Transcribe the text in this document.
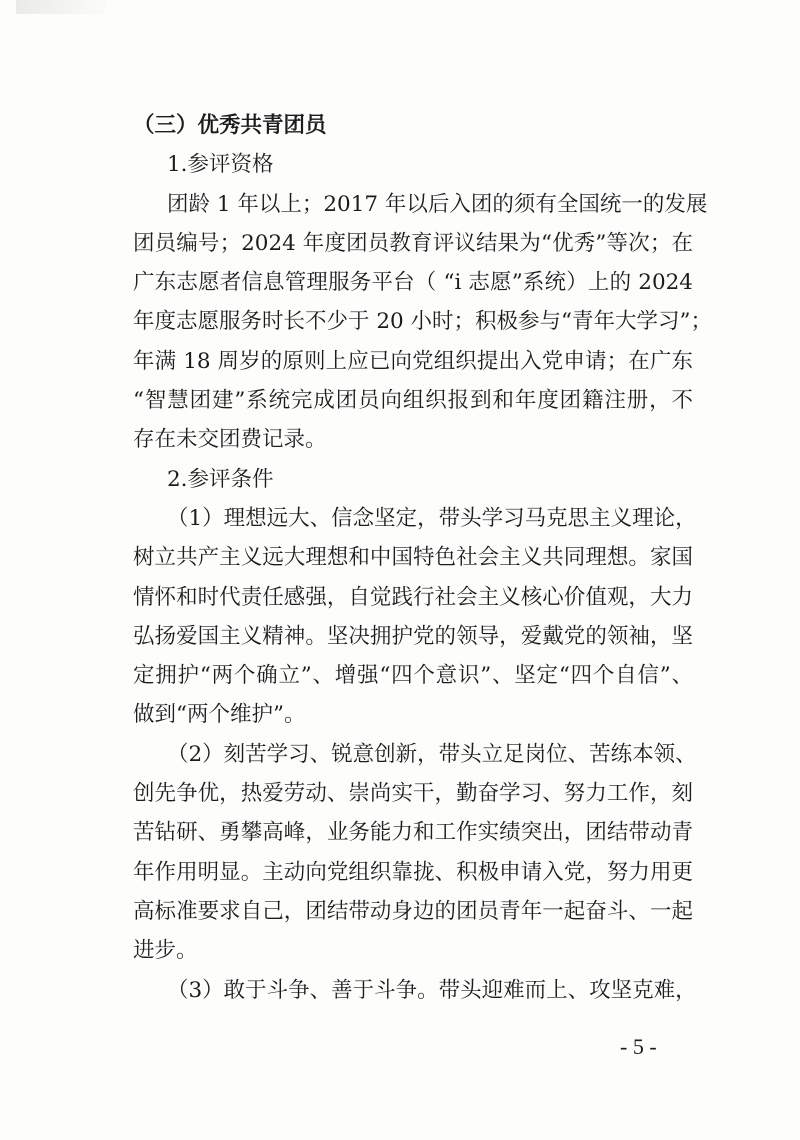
（三）优秀共青团员

1.参评资格

团龄 1 年以上；2017 年以后入团的须有全国统一的发展

团员编号；2024 年度团员教育评议结果为“优秀”等次；在

广东志愿者信息管理服务平台（ “i 志愿”系统）上的 2024

年度志愿服务时长不少于 20 小时；积极参与“青年大学习”；

年满 18 周岁的原则上应已向党组织提出入党申请；在广东

“智慧团建”系统完成团员向组织报到和年度团籍注册，不

存在未交团费记录。

2.参评条件

（1）理想远大、信念坚定，带头学习马克思主义理论，

树立共产主义远大理想和中国特色社会主义共同理想。家国

情怀和时代责任感强，自觉践行社会主义核心价值观，大力

弘扬爱国主义精神。坚决拥护党的领导，爱戴党的领袖，坚

定拥护“两个确立”、增强“四个意识”、坚定“四个自信”、

做到“两个维护”。

（2）刻苦学习、锐意创新，带头立足岗位、苦练本领、

创先争优，热爱劳动、崇尚实干，勤奋学习、努力工作，刻

苦钻研、勇攀高峰，业务能力和工作实绩突出，团结带动青

年作用明显。主动向党组织靠拢、积极申请入党，努力用更

高标准要求自己，团结带动身边的团员青年一起奋斗、一起

进步。

（3）敢于斗争、善于斗争。带头迎难而上、攻坚克难，

- 5 -
